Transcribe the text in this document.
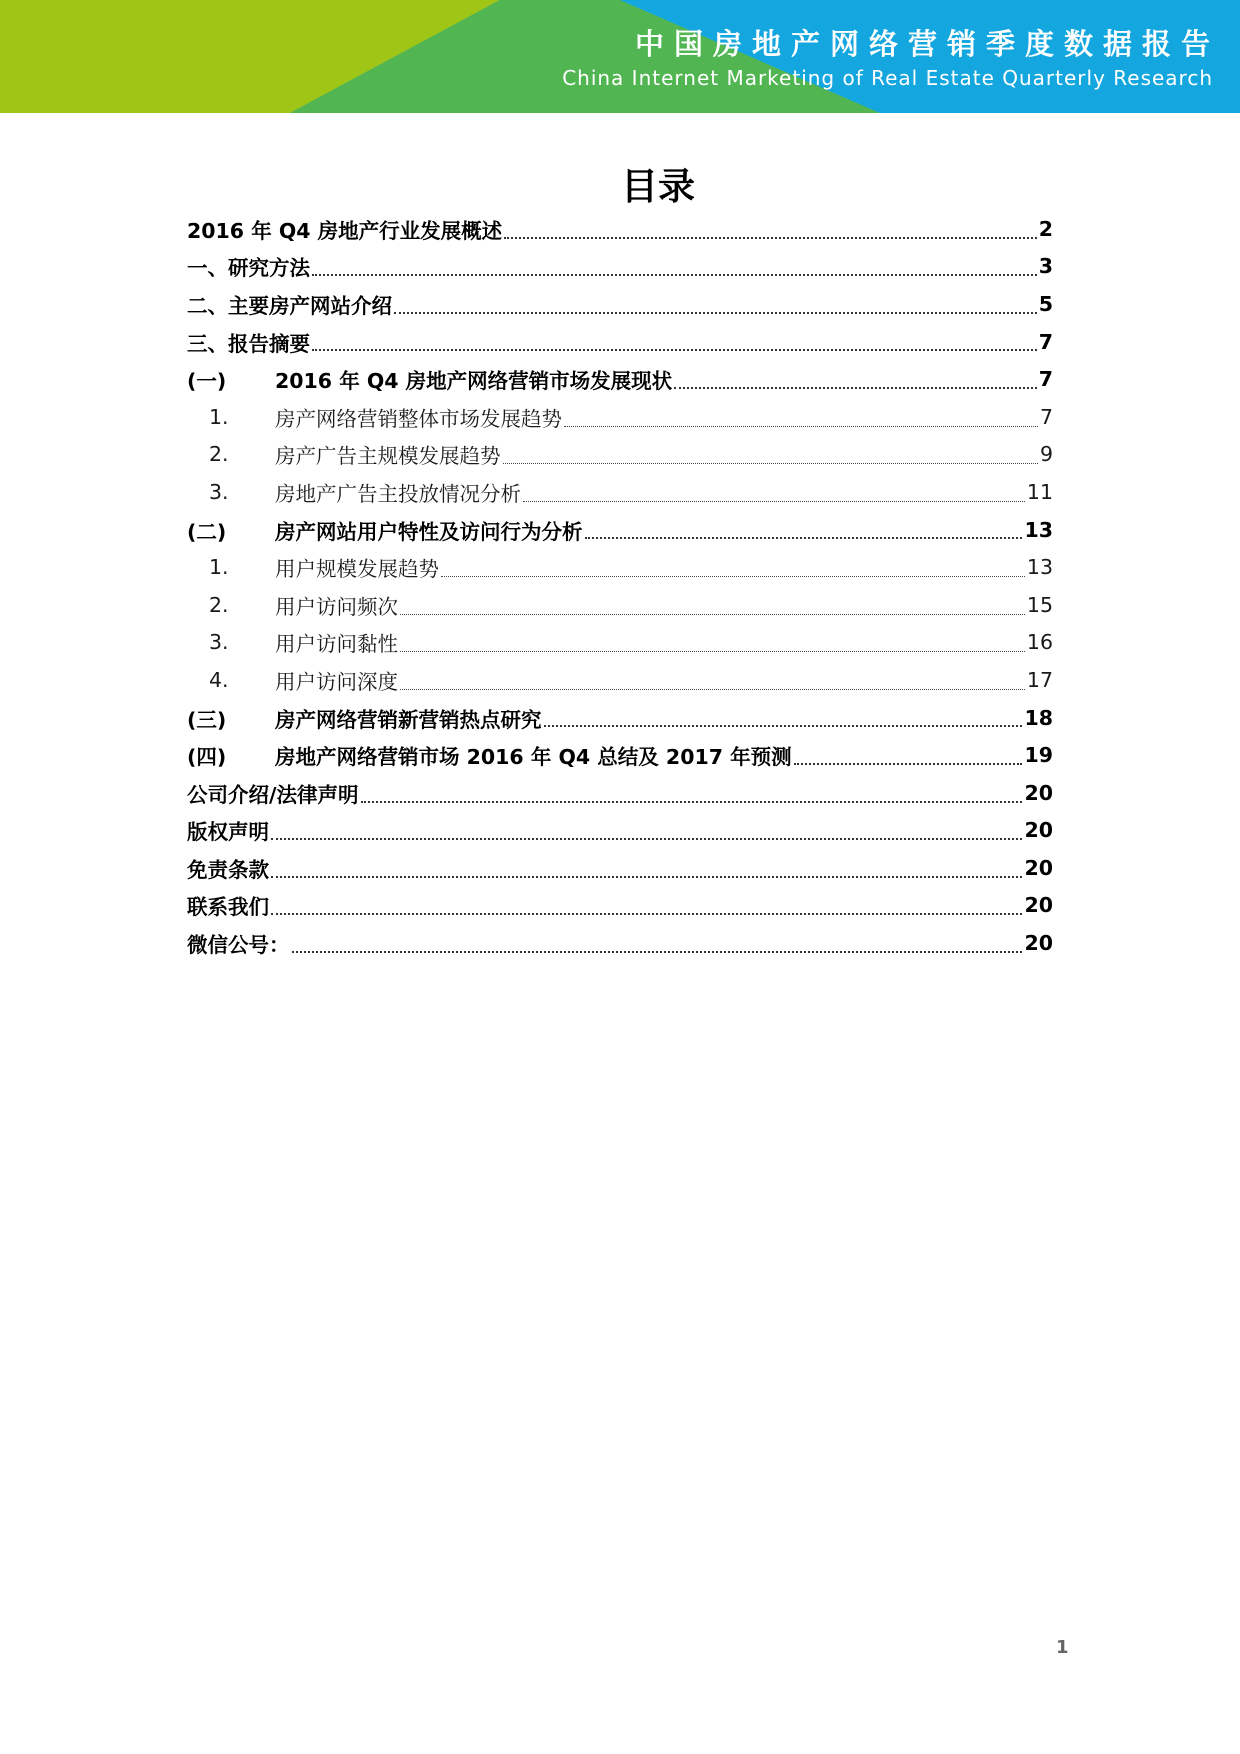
中国房地产网络营销季度数据报告
China Internet Marketing of Real Estate Quarterly Research
目录
2016 年 Q4 房地产行业发展概述	2
一、研究方法	3
二、主要房产网站介绍	5
三、报告摘要	7
(一)	2016 年 Q4 房地产网络营销市场发展现状	7
1.	房产网络营销整体市场发展趋势	7
2.	房产广告主规模发展趋势	9
3.	房地产广告主投放情况分析	11
(二)	房产网站用户特性及访问行为分析	13
1.	用户规模发展趋势	13
2.	用户访问频次	15
3.	用户访问黏性	16
4.	用户访问深度	17
(三)	房产网络营销新营销热点研究	18
(四)	房地产网络营销市场 2016 年 Q4 总结及 2017 年预测	19
公司介绍/法律声明	20
版权声明	20
免责条款	20
联系我们	20
微信公号：	20
1
